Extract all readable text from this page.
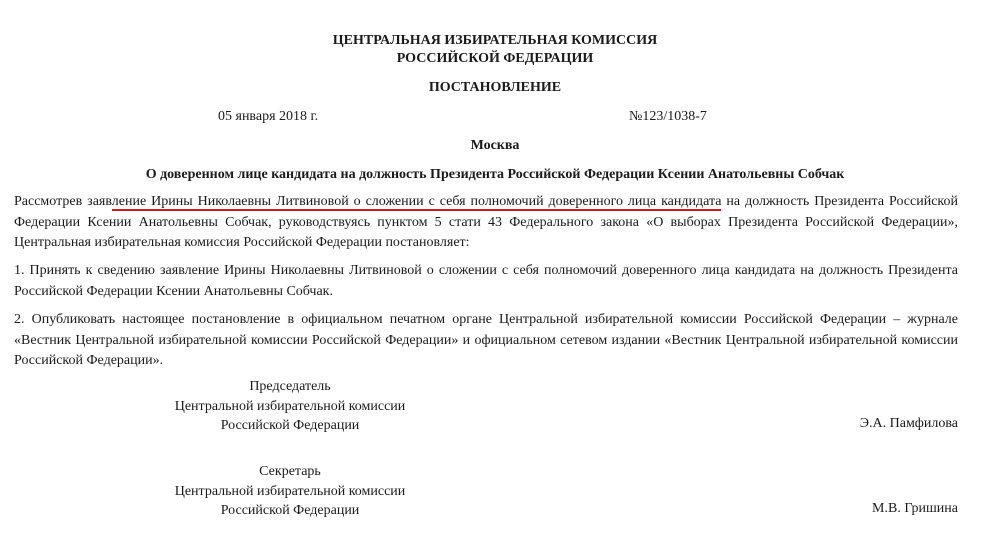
ЦЕНТРАЛЬНАЯ ИЗБИРАТЕЛЬНАЯ КОМИССИЯ
РОССИЙСКОЙ ФЕДЕРАЦИИ
ПОСТАНОВЛЕНИЕ
05 января 2018 г.	№123/1038-7
Москва
О доверенном лице кандидата на должность Президента Российской Федерации Ксении Анатольевны Собчак

Рассмотрев заявление Ирины Николаевны Литвиновой о сложении с себя полномочий доверенного лица кандидата
на должность Президента Российской Федерации Ксении Анатольевны Собчак, руководствуясь пунктом 5 стати 43 Федерального закона «О выборах Президента Российской Федерации», Центральная избирательная комиссия Российской Федерации постановляет:

1. Принять к сведению заявление Ирины Николаевны Литвиновой о сложении с себя полномочий доверенного лица кандидата на должность Президента Российской Федерации Ксении Анатольевны Собчак.

2. Опубликовать настоящее постановление в официальном печатном органе Центральной избирательной комиссии Российской Федерации – журнале «Вестник Центральной избирательной комиссии Российской Федерации» и официальном сетевом издании «Вестник Центральной избирательной комиссии Российской Федерации».

Председатель
Центральной избирательной комиссии
Российской Федерации	Э.А. Памфилова
Секретарь
Центральной избирательной комиссии
Российской Федерации	М.В. Гришина
